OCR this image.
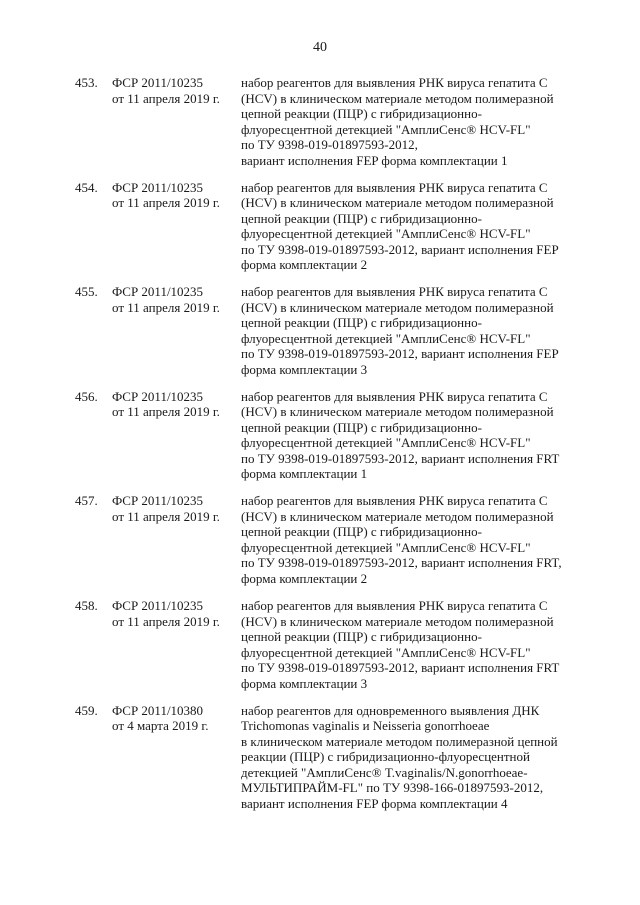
40
453. ФСР 2011/10235
от 11 апреля 2019 г.
набор реагентов для выявления РНК вируса гепатита С
(HCV) в клиническом материале методом полимеразной
цепной реакции (ПЦР) с гибридизационно-
флуоресцентной детекцией "АмплиСенс® HCV-FL"
по ТУ 9398-019-01897593-2012,
вариант исполнения FEP форма комплектации 1
454. ФСР 2011/10235
от 11 апреля 2019 г.
набор реагентов для выявления РНК вируса гепатита С
(HCV) в клиническом материале методом полимеразной
цепной реакции (ПЦР) с гибридизационно-
флуоресцентной детекцией "АмплиСенс® HCV-FL"
по ТУ 9398-019-01897593-2012, вариант исполнения FEP
форма комплектации 2
455. ФСР 2011/10235
от 11 апреля 2019 г.
набор реагентов для выявления РНК вируса гепатита С
(HCV) в клиническом материале методом полимеразной
цепной реакции (ПЦР) с гибридизационно-
флуоресцентной детекцией "АмплиСенс® HCV-FL"
по ТУ 9398-019-01897593-2012, вариант исполнения FEP
форма комплектации 3
456. ФСР 2011/10235
от 11 апреля 2019 г.
набор реагентов для выявления РНК вируса гепатита С
(HCV) в клиническом материале методом полимеразной
цепной реакции (ПЦР) с гибридизационно-
флуоресцентной детекцией "АмплиСенс® HCV-FL"
по ТУ 9398-019-01897593-2012, вариант исполнения FRT
форма комплектации 1
457. ФСР 2011/10235
от 11 апреля 2019 г.
набор реагентов для выявления РНК вируса гепатита С
(HCV) в клиническом материале методом полимеразной
цепной реакции (ПЦР) с гибридизационно-
флуоресцентной детекцией "АмплиСенс® HCV-FL"
по ТУ 9398-019-01897593-2012, вариант исполнения FRT,
форма комплектации 2
458. ФСР 2011/10235
от 11 апреля 2019 г.
набор реагентов для выявления РНК вируса гепатита С
(HCV) в клиническом материале методом полимеразной
цепной реакции (ПЦР) с гибридизационно-
флуоресцентной детекцией "АмплиСенс® HCV-FL"
по ТУ 9398-019-01897593-2012, вариант исполнения FRT
форма комплектации 3
459. ФСР 2011/10380
от 4 марта 2019 г.
набор реагентов для одновременного выявления ДНК
Trichomonas vaginalis и Neisseria gonorrhoeae
в клиническом материале методом полимеразной цепной
реакции (ПЦР) с гибридизационно-флуоресцентной
детекцией "АмплиСенс® T.vaginalis/N.gonorrhoeae-
МУЛЬТИПРАЙМ-FL" по ТУ 9398-166-01897593-2012,
вариант исполнения FEP форма комплектации 4
